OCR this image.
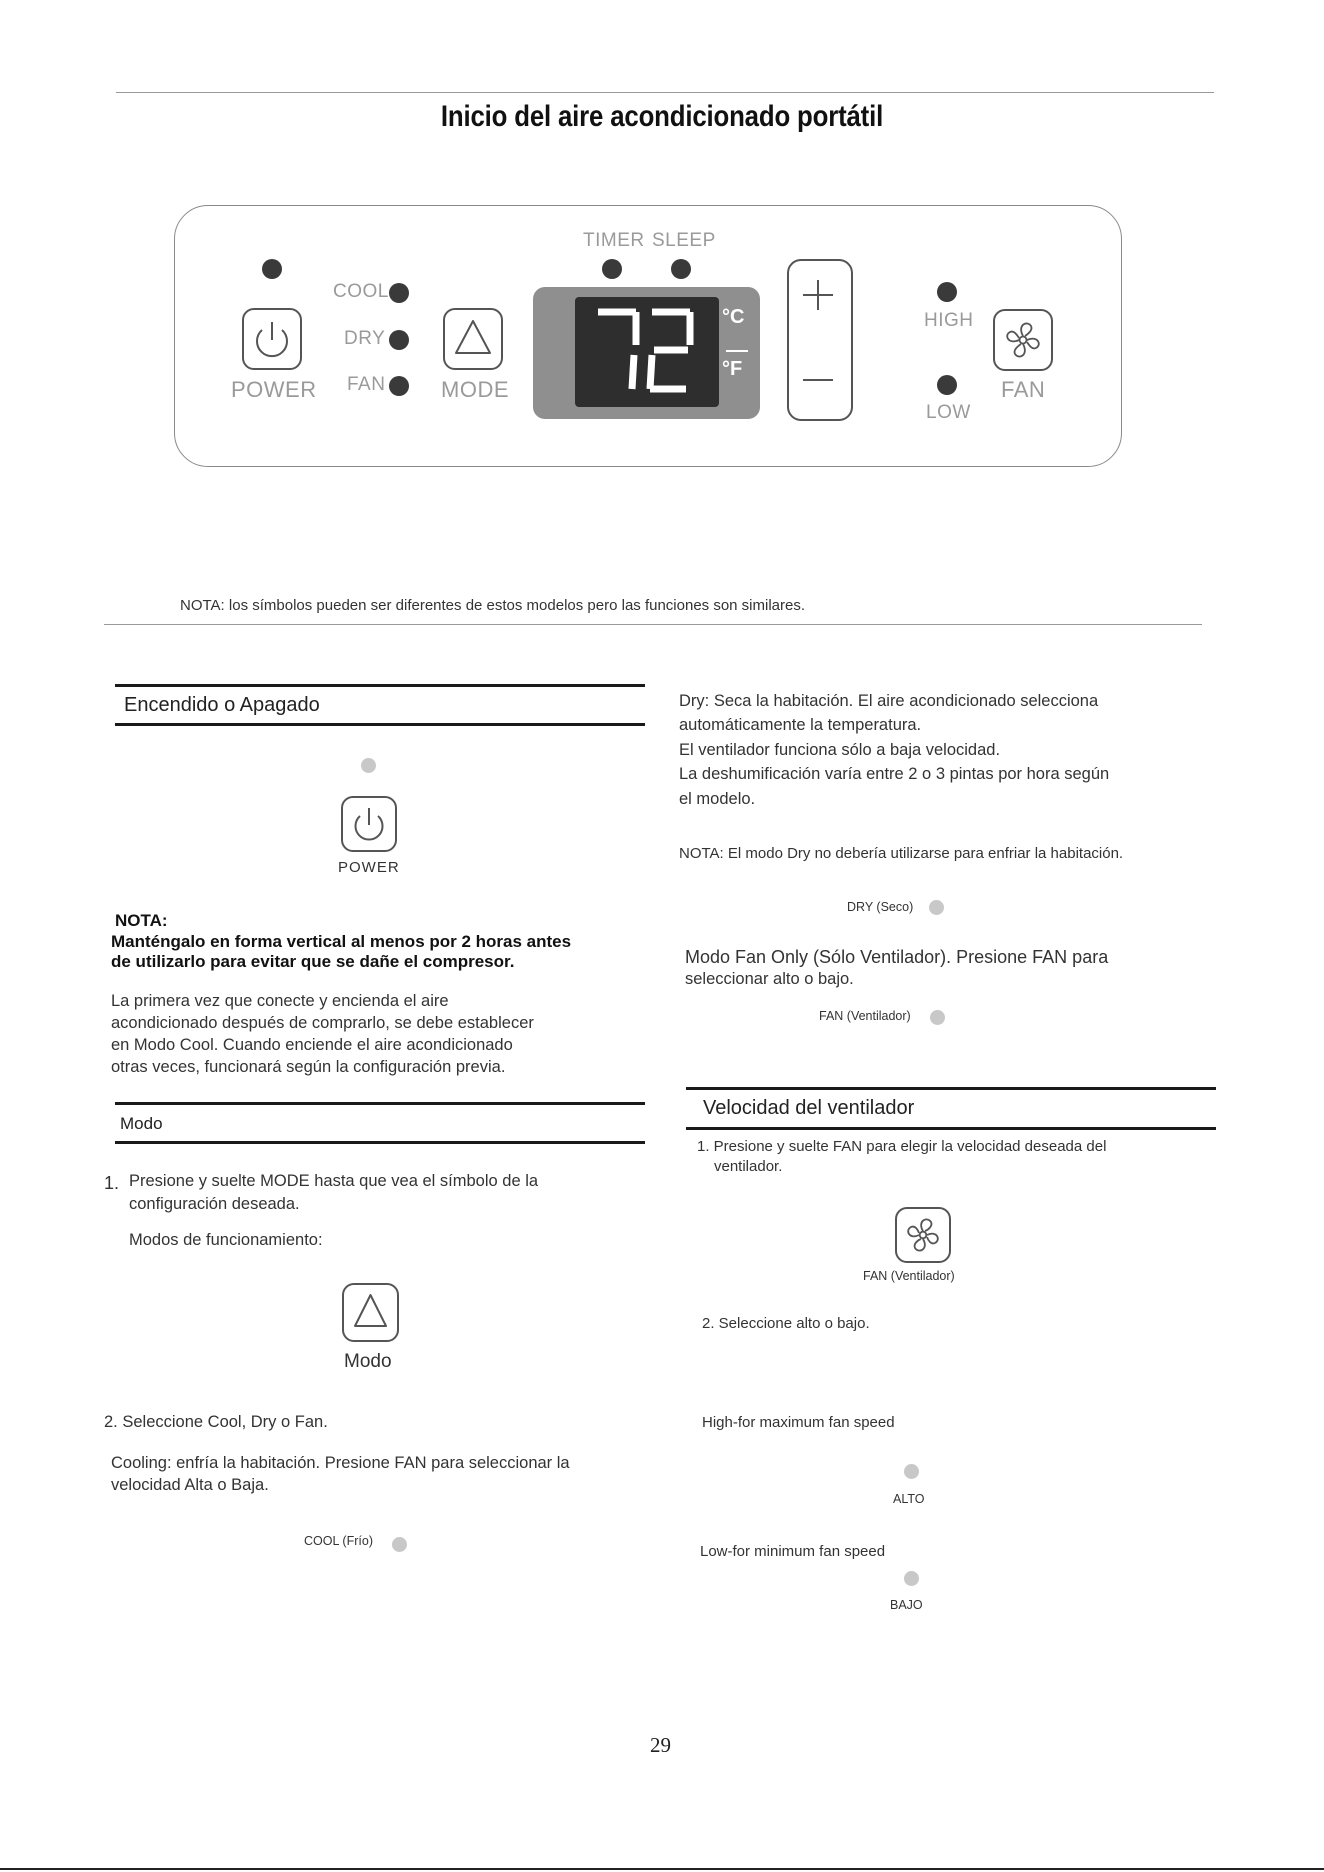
Inicio del aire acondicionado portátil
POWER
COOL
DRY
FAN	MODE
TIMER SLEEP
°C
°F
HIGH
LOW
FAN
NOTA: los símbolos pueden ser diferentes de estos modelos pero las funciones son similares.
Encendido o Apagado
POWER
NOTA:
Manténgalo en forma vertical al menos por 2 horas antes
de utilizarlo para evitar que se dañe el compresor.
La primera vez que conecte y encienda el aire
acondicionado después de comprarlo, se debe establecer
en Modo Cool. Cuando enciende el aire acondicionado
otras veces, funcionará según la configuración previa.
Modo
1. Presione y suelte MODE hasta que vea el símbolo de la
configuración deseada.
Modos de funcionamiento:
Modo
2. Seleccione Cool, Dry o Fan.
Cooling: enfría la habitación. Presione FAN para seleccionar la
velocidad Alta o Baja.
COOL (Frío)
Dry: Seca la habitación. El aire acondicionado selecciona
automáticamente la temperatura.
El ventilador funciona sólo a baja velocidad.
La deshumificación varía entre 2 o 3 pintas por hora según
el modelo.
NOTA: El modo Dry no debería utilizarse para enfriar la habitación.
DRY (Seco)
Modo Fan Only (Sólo Ventilador). Presione FAN para
seleccionar alto o bajo.
FAN (Ventilador)
Velocidad del ventilador
1. Presione y suelte FAN para elegir la velocidad deseada del
ventilador.
FAN (Ventilador)
2. Seleccione alto o bajo.
High-for maximum fan speed
ALTO
Low-for minimum fan speed
BAJO
29
